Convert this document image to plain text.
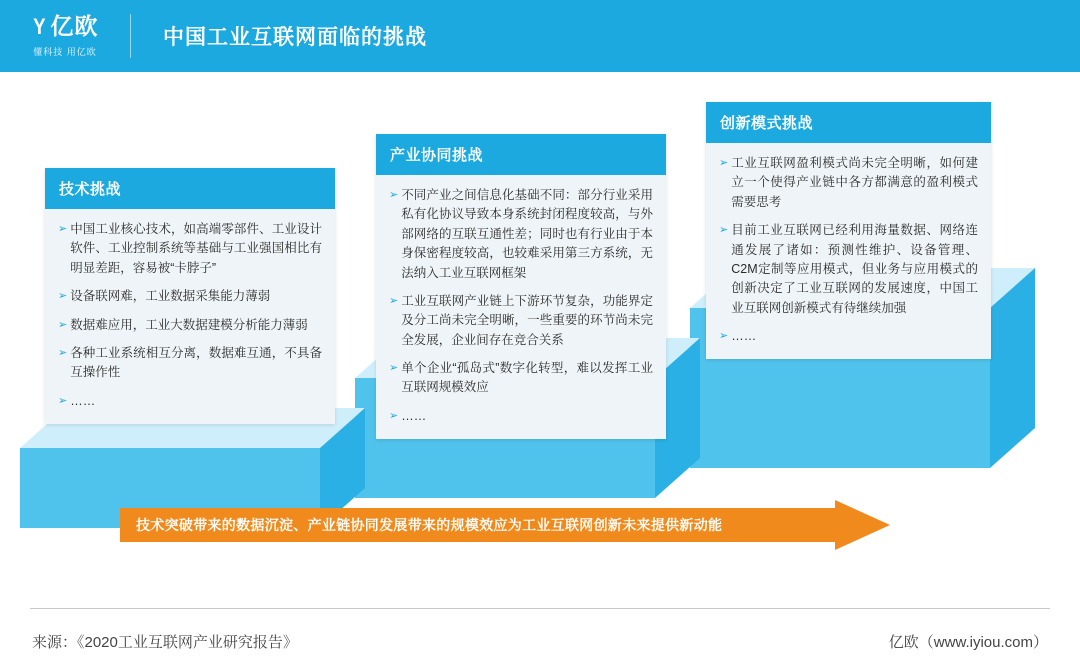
Y 亿欧
懂科技 用亿欧
中国工业互联网面临的挑战
技术挑战
➢ 中国工业核心技术，如高端零部件、工业设计软件、工业控制系统等基础与工业强国相比有明显差距，容易被“卡脖子”
➢ 设备联网难，工业数据采集能力薄弱
➢ 数据难应用，工业大数据建模分析能力薄弱
➢ 各种工业系统相互分离，数据难互通，不具备互操作性
➢ ……
产业协同挑战
➢ 不同产业之间信息化基础不同：部分行业采用私有化协议导致本身系统封闭程度较高，与外部网络的互联互通性差；同时也有行业由于本身保密程度较高，也较难采用第三方系统，无法纳入工业互联网框架
➢ 工业互联网产业链上下游环节复杂，功能界定及分工尚未完全明晰，一些重要的环节尚未完全发展，企业间存在竞合关系
➢ 单个企业“孤岛式”数字化转型，难以发挥工业互联网规模效应
➢ ……
创新模式挑战
➢ 工业互联网盈利模式尚未完全明晰，如何建立一个使得产业链中各方都满意的盈利模式需要思考
➢ 目前工业互联网已经利用海量数据、网络连通发展了诸如：预测性维护、设备管理、C2M定制等应用模式，但业务与应用模式的创新决定了工业互联网的发展速度，中国工业互联网创新模式有待继续加强
➢ ……
技术突破带来的数据沉淀、产业链协同发展带来的规模效应为工业互联网创新未来提供新动能
来源：《2020工业互联网产业研究报告》	亿欧（www.iyiou.com）
